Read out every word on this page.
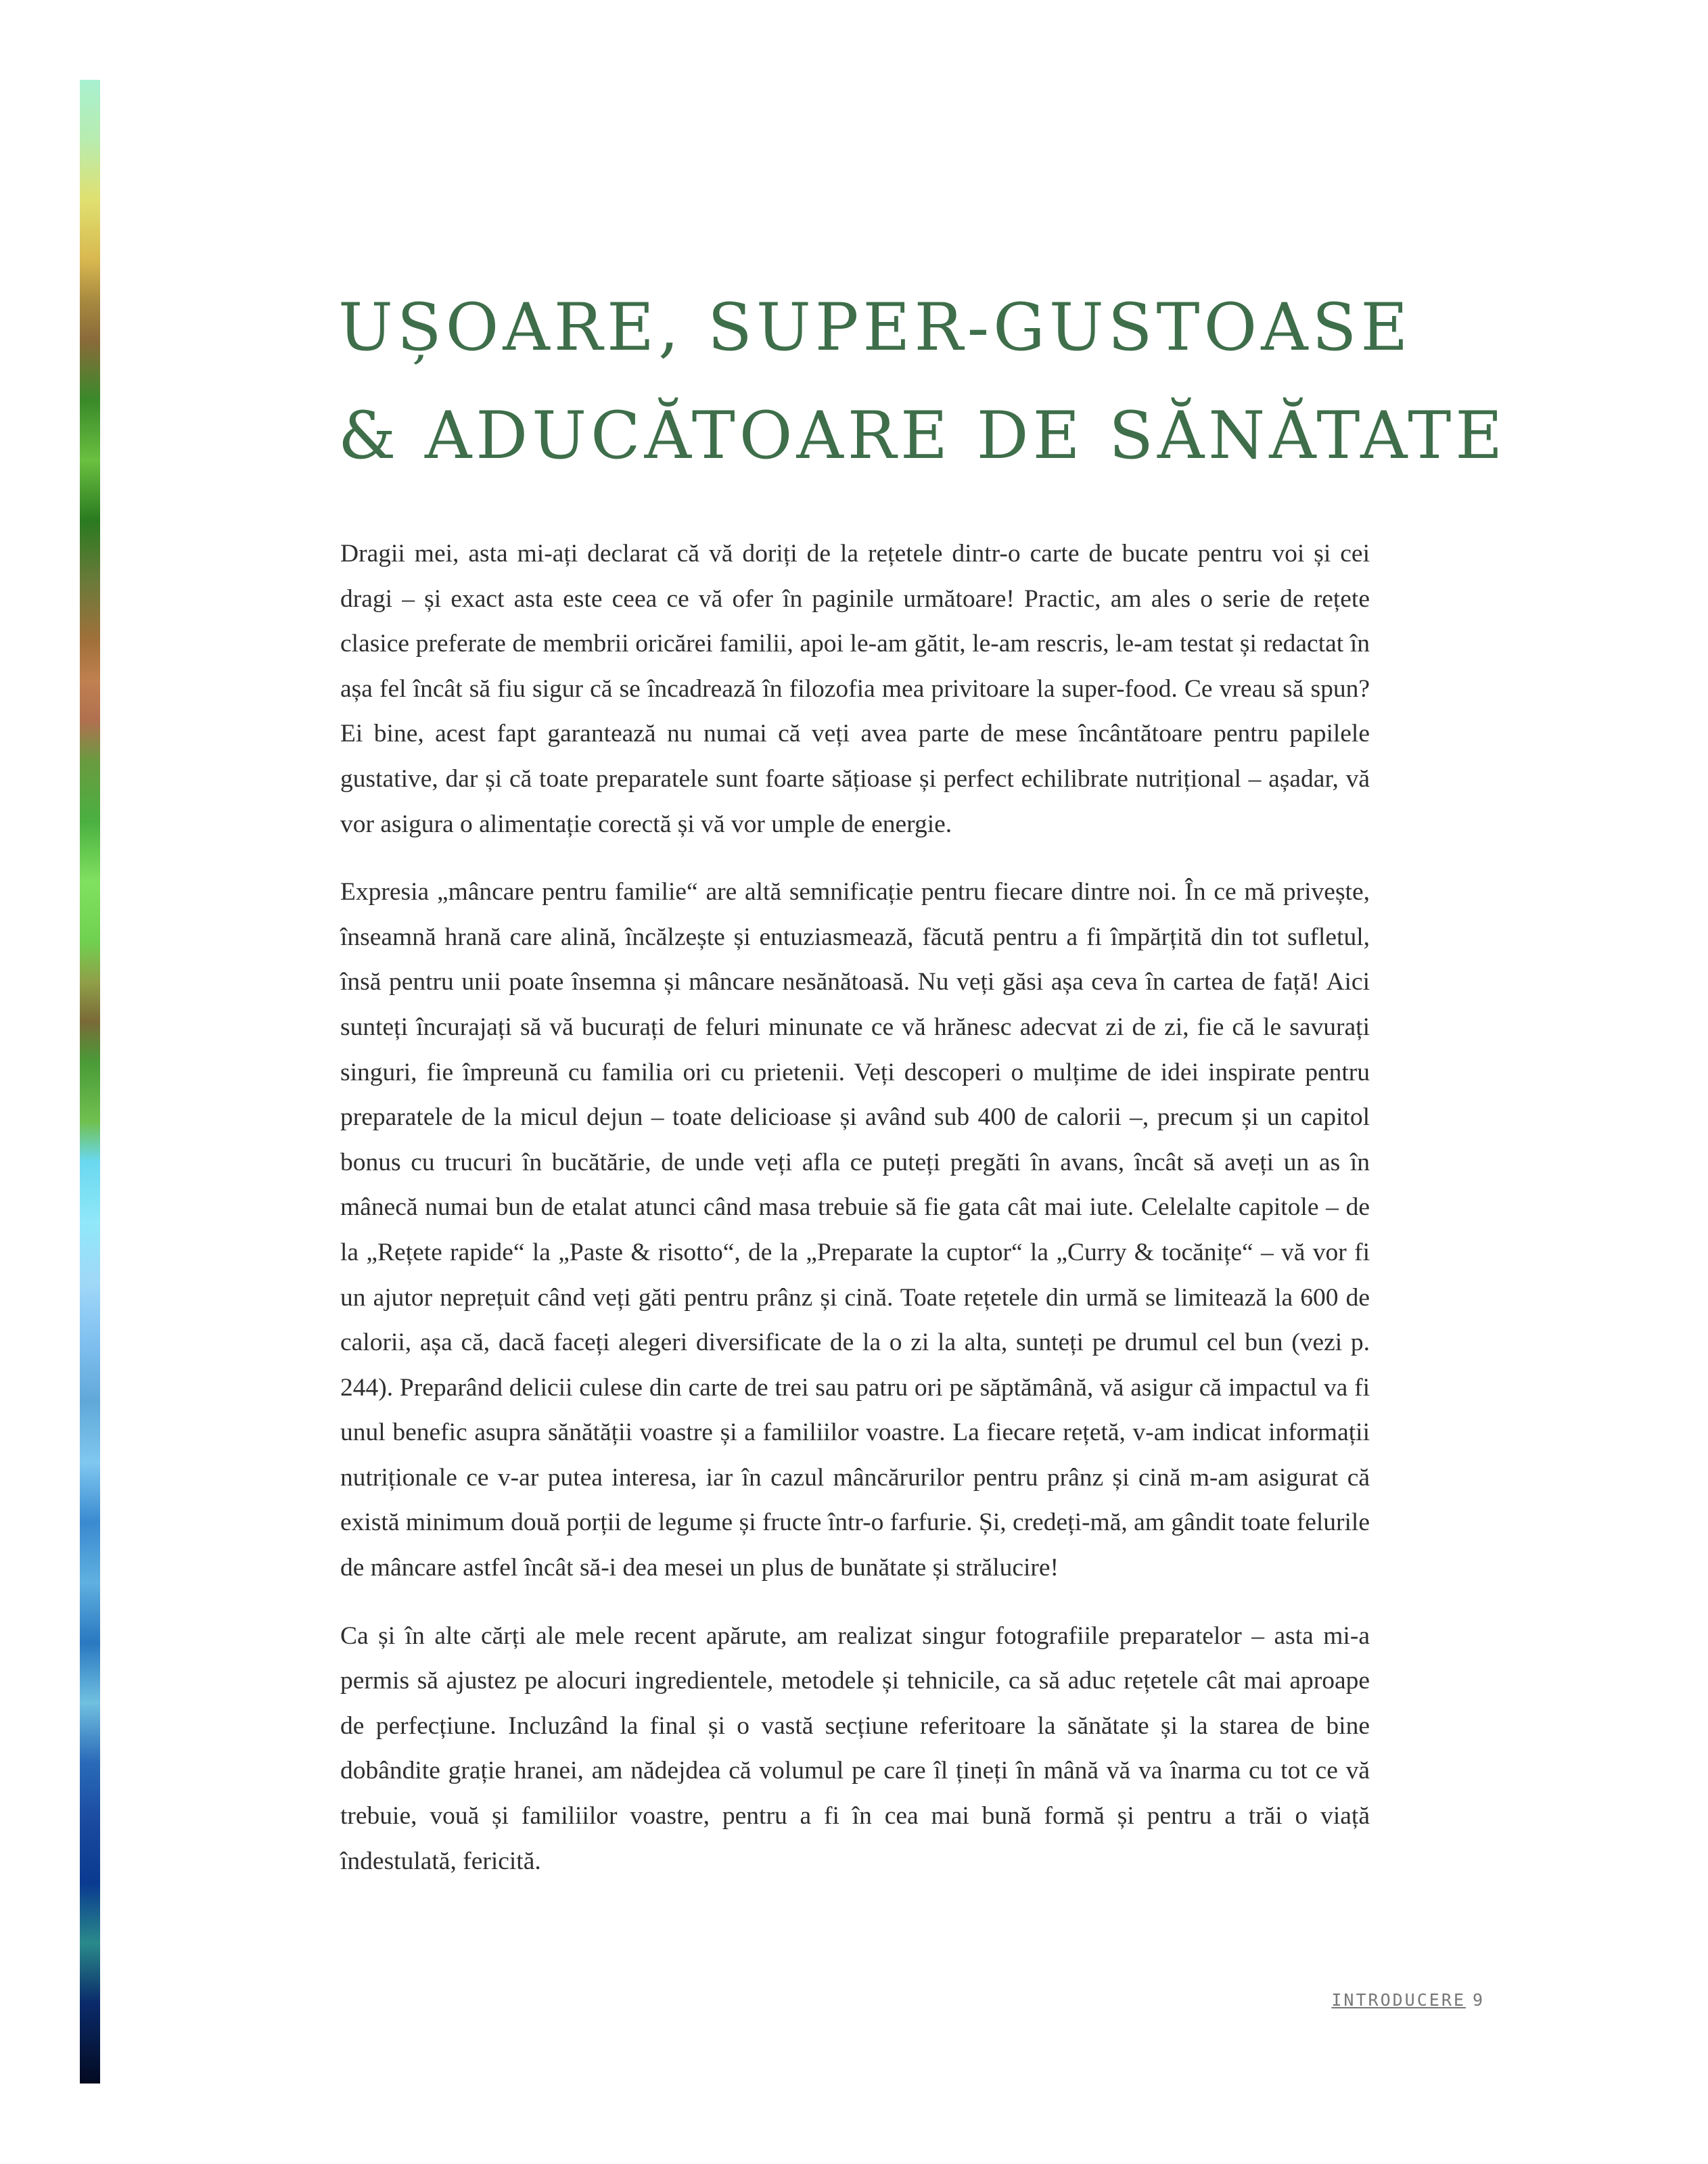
UȘOARE, SUPER-GUSTOASE
& ADUCĂTOARE DE SĂNĂTATE

Dragii mei, asta mi-ați declarat că vă doriți de la rețetele dintr-o carte de bucate pentru voi și cei dragi – și exact asta este ceea ce vă ofer în paginile următoare! Practic, am ales o serie de rețete clasice preferate de membrii oricărei familii, apoi le-am gătit, le-am rescris, le-am testat și redactat în așa fel încât să fiu sigur că se încadrează în filozofia mea privitoare la super-food. Ce vreau să spun? Ei bine, acest fapt garantează nu numai că veți avea parte de mese încântătoare pentru papilele gustative, dar și că toate preparatele sunt foarte sățioase și perfect echilibrate nutrițional – așadar, vă vor asigura o alimentație corectă și vă vor umple de energie.

Expresia „mâncare pentru familie“ are altă semnificație pentru fiecare dintre noi. În ce mă privește, înseamnă hrană care alină, încălzește și entuziasmează, făcută pentru a fi împărțită din tot sufletul, însă pentru unii poate însemna și mâncare nesănătoasă. Nu veți găsi așa ceva în cartea de față! Aici sunteți încurajați să vă bucurați de feluri minunate ce vă hrănesc adecvat zi de zi, fie că le savurați singuri, fie împreună cu familia ori cu prietenii. Veți descoperi o mulțime de idei inspirate pentru preparatele de la micul dejun – toate delicioase și având sub 400 de calorii –, precum și un capitol bonus cu trucuri în bucătărie, de unde veți afla ce puteți pregăti în avans, încât să aveți un as în mânecă numai bun de etalat atunci când masa trebuie să fie gata cât mai iute. Celelalte capitole – de la „Rețete rapide“ la „Paste & risotto“, de la „Preparate la cuptor“ la „Curry & tocănițe“ – vă vor fi un ajutor neprețuit când veți găti pentru prânz și cină. Toate rețetele din urmă se limitează la 600 de calorii, așa că, dacă faceți alegeri diversificate de la o zi la alta, sunteți pe drumul cel bun (vezi p. 244). Preparând delicii culese din carte de trei sau patru ori pe săptămână, vă asigur că impactul va fi unul benefic asupra sănătății voastre și a familiilor voastre. La fiecare rețetă, v-am indicat informații nutriționale ce v-ar putea interesa, iar în cazul mâncărurilor pentru prânz și cină m-am asigurat că există minimum două porții de legume și fructe într-o farfurie. Și, credeți-mă, am gândit toate felurile de mâncare astfel încât să-i dea mesei un plus de bunătate și strălucire!

Ca și în alte cărți ale mele recent apărute, am realizat singur fotografiile preparatelor – asta mi-a permis să ajustez pe alocuri ingredientele, metodele și tehnicile, ca să aduc rețetele cât mai aproape de perfecțiune. Incluzând la final și o vastă secțiune referitoare la sănătate și la starea de bine dobândite grație hranei, am nădejdea că volumul pe care îl țineți în mână vă va înarma cu tot ce vă trebuie, vouă și familiilor voastre, pentru a fi în cea mai bună formă și pentru a trăi o viață îndestulată, fericită.

INTRODUCERE 9
